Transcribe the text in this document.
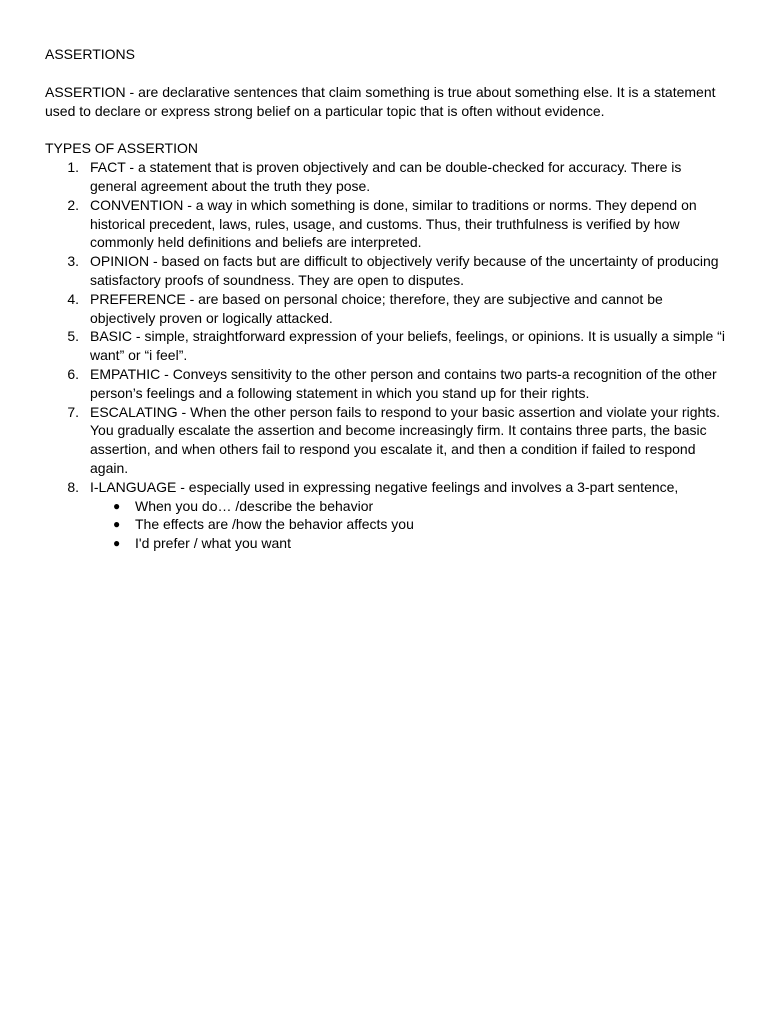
ASSERTIONS

ASSERTION - are declarative sentences that claim something is true about something else. It is a statement used to declare or express strong belief on a particular topic that is often without evidence.

TYPES OF ASSERTION

1. FACT - a statement that is proven objectively and can be double-checked for accuracy. There is general agreement about the truth they pose.
2. CONVENTION - a way in which something is done, similar to traditions or norms. They depend on historical precedent, laws, rules, usage, and customs. Thus, their truthfulness is verified by how commonly held definitions and beliefs are interpreted.
3. OPINION - based on facts but are difficult to objectively verify because of the uncertainty of producing satisfactory proofs of soundness. They are open to disputes.
4. PREFERENCE - are based on personal choice; therefore, they are subjective and cannot be objectively proven or logically attacked.
5. BASIC - simple, straightforward expression of your beliefs, feelings, or opinions. It is usually a simple “i want” or “i feel”.
6. EMPATHIC - Conveys sensitivity to the other person and contains two parts-a recognition of the other person’s feelings and a following statement in which you stand up for their rights.
7. ESCALATING - When the other person fails to respond to your basic assertion and violate your rights. You gradually escalate the assertion and become increasingly firm. It contains three parts, the basic assertion, and when others fail to respond you escalate it, and then a condition if failed to respond again.
8. I-LANGUAGE - especially used in expressing negative feelings and involves a 3-part sentence,
● When you do… /describe the behavior
● The effects are /how the behavior affects you
● I'd prefer / what you want
